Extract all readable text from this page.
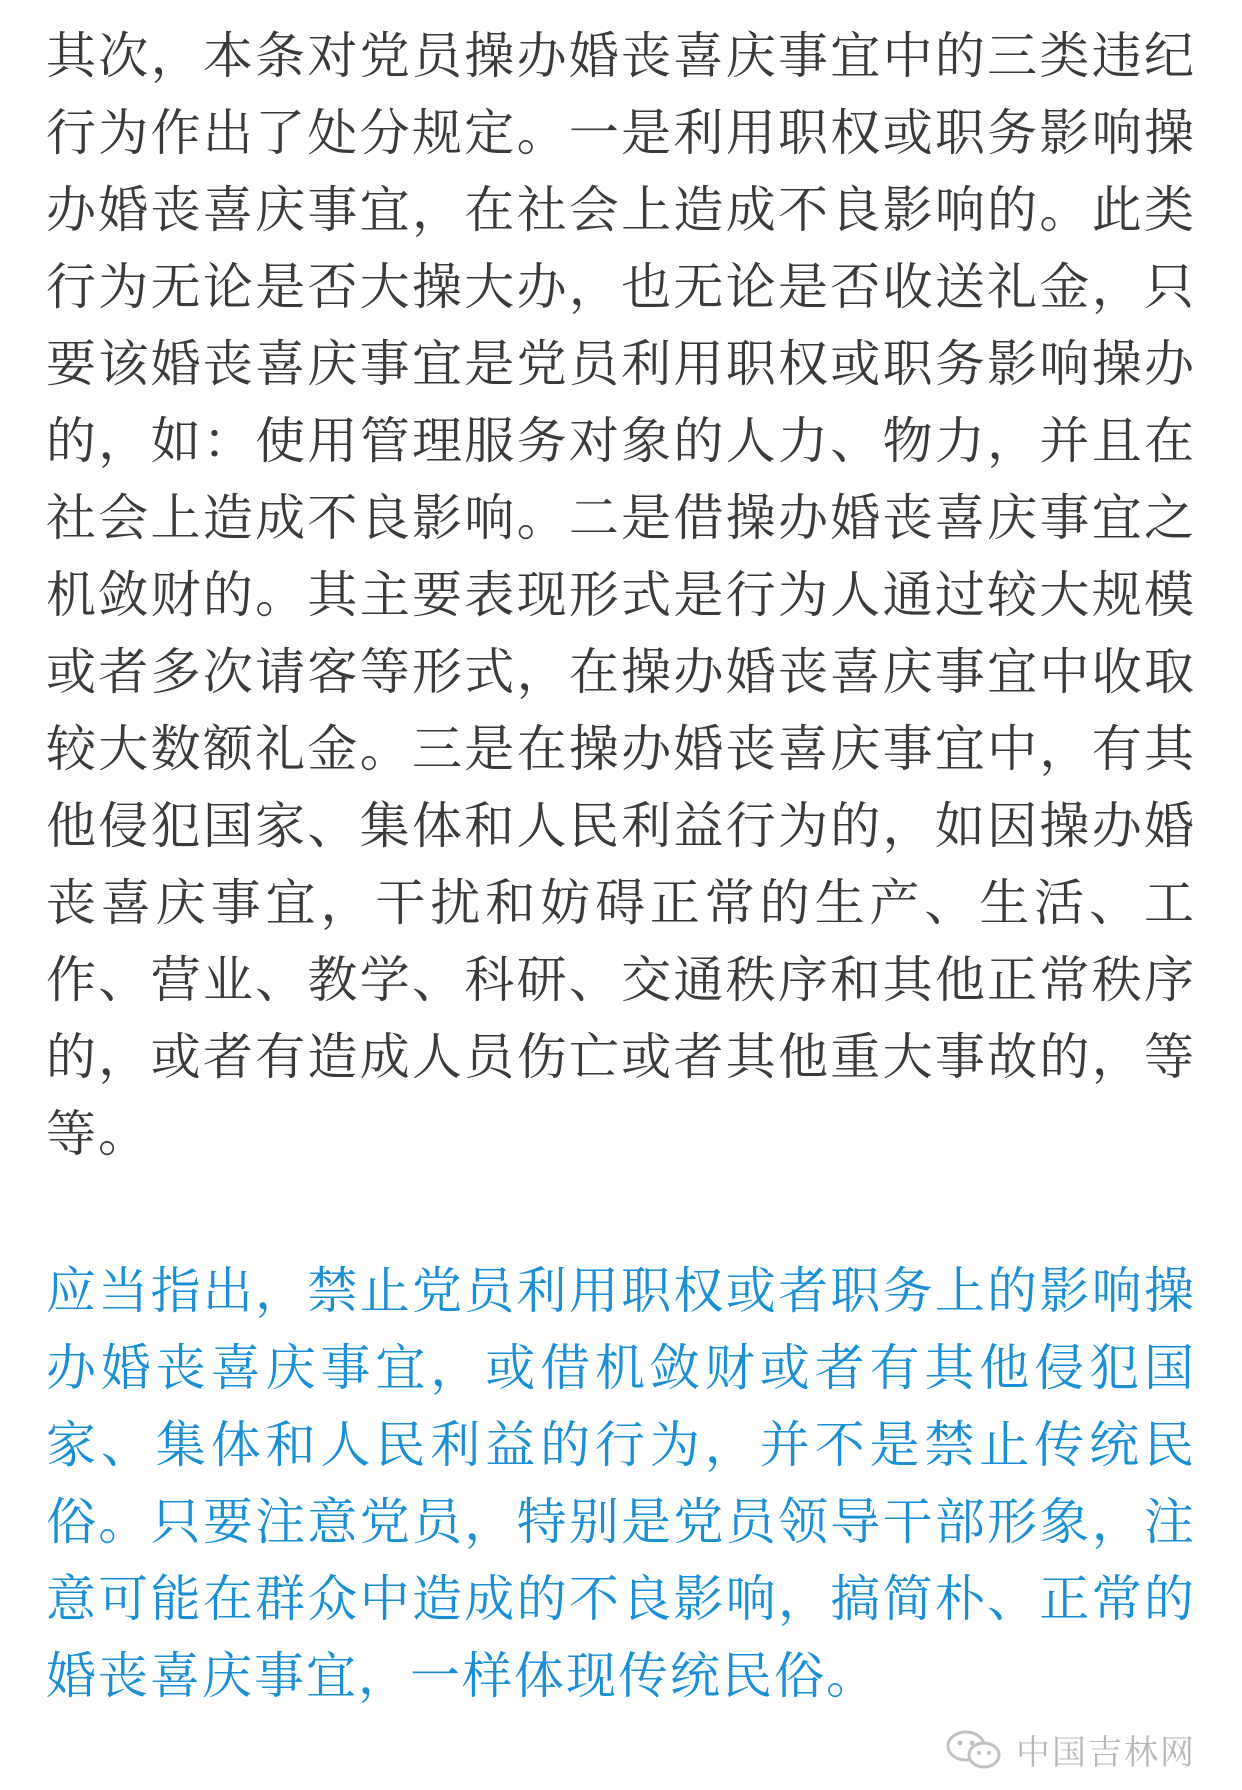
其次，本条对党员操办婚丧喜庆事宜中的三类违纪行为作出了处分规定。一是利用职权或职务影响操办婚丧喜庆事宜，在社会上造成不良影响的。此类行为无论是否大操大办，也无论是否收送礼金，只要该婚丧喜庆事宜是党员利用职权或职务影响操办的，如：使用管理服务对象的人力、物力，并且在社会上造成不良影响。二是借操办婚丧喜庆事宜之机敛财的。其主要表现形式是行为人通过较大规模或者多次请客等形式，在操办婚丧喜庆事宜中收取较大数额礼金。三是在操办婚丧喜庆事宜中，有其他侵犯国家、集体和人民利益行为的，如因操办婚丧喜庆事宜，干扰和妨碍正常的生产、生活、工作、营业、教学、科研、交通秩序和其他正常秩序的，或者有造成人员伤亡或者其他重大事故的，等等。

应当指出，禁止党员利用职权或者职务上的影响操办婚丧喜庆事宜，或借机敛财或者有其他侵犯国家、集体和人民利益的行为，并不是禁止传统民俗。只要注意党员，特别是党员领导干部形象，注意可能在群众中造成的不良影响，搞简朴、正常的婚丧喜庆事宜，一样体现传统民俗。

中国吉林网
